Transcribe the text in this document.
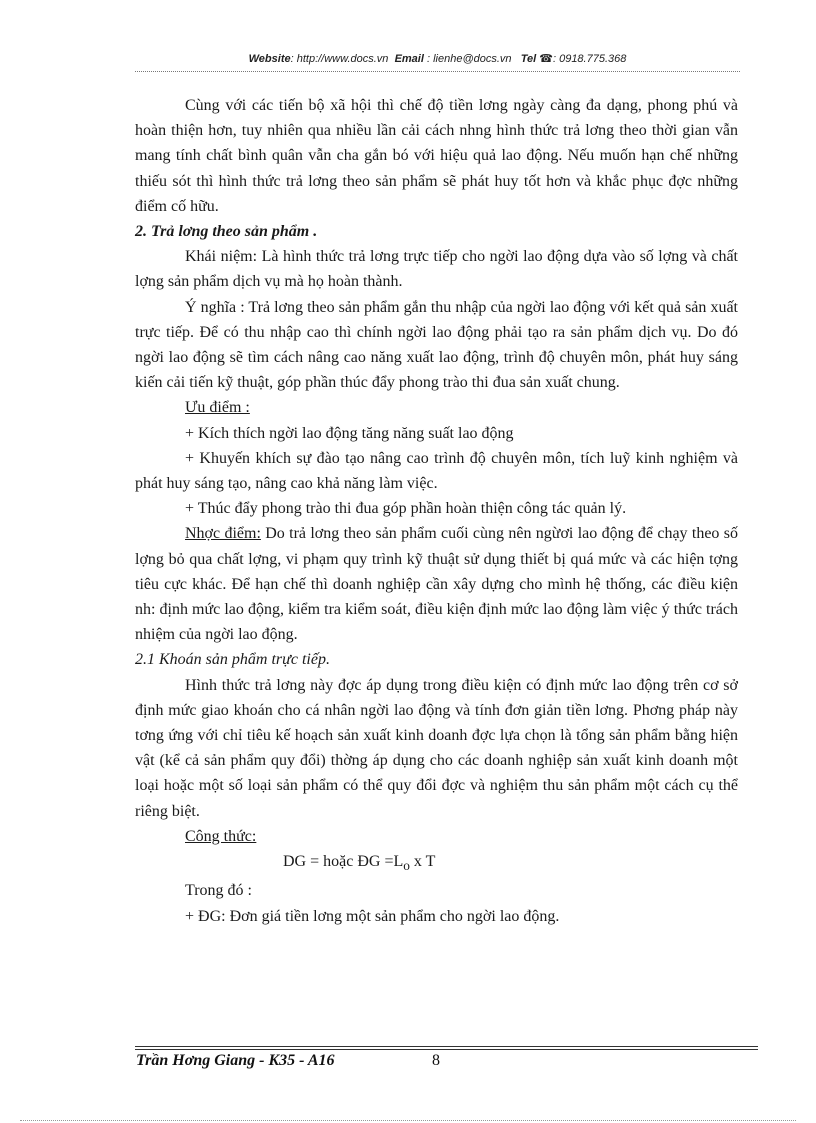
Website: http://www.docs.vn Email : lienhe@docs.vn Tel ☎: 0918.775.368

Cùng với các tiến bộ xã hội thì chế độ tiền lơng ngày càng đa dạng, phong phú và hoàn thiện hơn, tuy nhiên qua nhiều lần cải cách nhng hình thức trả lơng theo thời gian vẫn mang tính chất bình quân vẫn cha gắn bó với hiệu quả lao động. Nếu muốn hạn chế những thiếu sót thì hình thức trả lơng theo sản phẩm sẽ phát huy tốt hơn và khắc phục đợc những điểm cố hữu.

2. Trả lơng theo sản phẩm .

Khái niệm: Là hình thức trả lơng trực tiếp cho ngời lao động dựa vào số lợng và chất lợng sản phẩm dịch vụ mà họ hoàn thành.

Ý nghĩa : Trả lơng theo sản phẩm gắn thu nhập của ngời lao động với kết quả sản xuất trực tiếp. Để có thu nhập cao thì chính ngời lao động phải tạo ra sản phẩm dịch vụ. Do đó ngời lao động sẽ tìm cách nâng cao năng xuất lao động, trình độ chuyên môn, phát huy sáng kiến cải tiến kỹ thuật, góp phần thúc đẩy phong trào thi đua sản xuất chung.

Ưu điểm :

+ Kích thích ngời lao động tăng năng suất lao động

+ Khuyến khích sự đào tạo nâng cao trình độ chuyên môn, tích luỹ kinh nghiệm và phát huy sáng tạo, nâng cao khả năng làm việc.

+ Thúc đẩy phong trào thi đua góp phần hoàn thiện công tác quản lý.

Nhợc điểm: Do trả lơng theo sản phẩm cuối cùng nên ngừơi lao động để chạy theo số lợng bỏ qua chất lợng, vi phạm quy trình kỹ thuật sử dụng thiết bị quá mức và các hiện tợng tiêu cực khác. Để hạn chế thì doanh nghiệp cần xây dựng cho mình hệ thống, các điều kiện nh: định mức lao động, kiểm tra kiểm soát, điều kiện định mức lao động làm việc ý thức trách nhiệm của ngời lao động.

2.1 Khoán sản phẩm trực tiếp.

Hình thức trả lơng này đợc áp dụng trong điều kiện có định mức lao động trên cơ sở định mức giao khoán cho cá nhân ngời lao động và tính đơn giản tiền lơng. Phơng pháp này tơng ứng với chỉ tiêu kế hoạch sản xuất kinh doanh đợc lựa chọn là tổng sản phẩm bằng hiện vật (kể cả sản phẩm quy đổi) thờng áp dụng cho các doanh nghiệp sản xuất kinh doanh một loại hoặc một số loại sản phẩm có thể quy đổi đợc và nghiệm thu sản phẩm một cách cụ thể riêng biệt.

Công thức:

DG = hoặc ĐG $=L_o$ x T

Trong đó :

+ ĐG: Đơn giá tiền lơng một sản phẩm cho ngời lao động.

Trần Hơng Giang - K35 - A16	8
